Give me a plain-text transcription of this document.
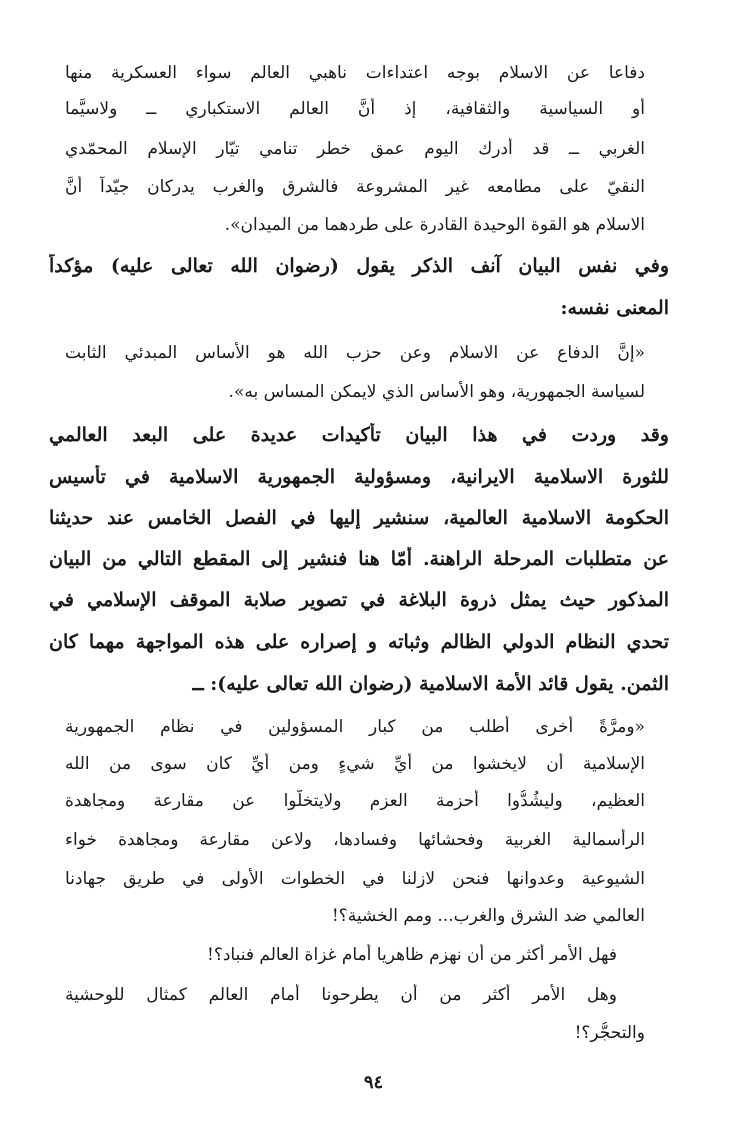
دفاعا عن الاسلام بوجه اعتداءات ناهبي العالم سواء العسكرية منها

أو السياسية والثقافية، إذ أنَّ العالم الاستكباري ــ ولاسيَّما

الغربي ــ قد أدرك اليوم عمق خطر تنامي تيّار الإسلام المحمّدي

النقيّ على مطامعه غير المشروعة فالشرق والغرب يدركان جيّداً أنَّ

الاسلام هو القوة الوحيدة القادرة على طردهما من الميدان».

وفي نفس البيان آنف الذكر يقول (رضوان الله تعالى عليه) مؤكداً

المعنى نفسه:

«إنَّ الدفاع عن الاسلام وعن حزب الله هو الأساس المبدئي الثابت

لسياسة الجمهورية، وهو الأساس الذي لايمكن المساس به».

وقد وردت في هذا البيان تأكيدات عديدة على البعد العالمي

للثورة الاسلامية الايرانية، ومسؤولية الجمهورية الاسلامية في تأسيس

الحكومة الاسلامية العالمية، سنشير إليها في الفصل الخامس عند حديثنا

عن متطلبات المرحلة الراهنة. أمّا هنا فنشير إلى المقطع التالي من البيان

المذكور حيث يمثل ذروة البلاغة في تصوير صلابة الموقف الإسلامي في

تحدي النظام الدولي الظالم وثباته و إصراره على هذه المواجهة مهما كان

الثمن. يقول قائد الأُمة الاسلامية (رضوان الله تعالى عليه): ــ

«ومرَّةً أُخرى أطلب من كبار المسؤولين في نظام الجمهورية

الإسلامية أن لايخشوا من أيِّ شيءٍ ومن أيِّ كان سوى من الله

العظيم، وليشُدُّوا أحزمة العزم ولايتخلَّوا عن مقارعة ومجاهدة

الرأسمالية الغربية وفحشائها وفسادها، ولاعن مقارعة ومجاهدة خواء

الشيوعية وعدوانها فنحن لازلنا في الخطوات الأُولى في طريق جهادنا

العالمي ضد الشرق والغرب... ومم الخشية؟!

فهل الأمر أكثر من أن نهزم ظاهريا أمام غزاة العالم فنباد؟!

وهل الأمر أكثر من أن يطرحونا أمام العالم كمثال للوحشية

والتحجُّر؟!

٩٤
